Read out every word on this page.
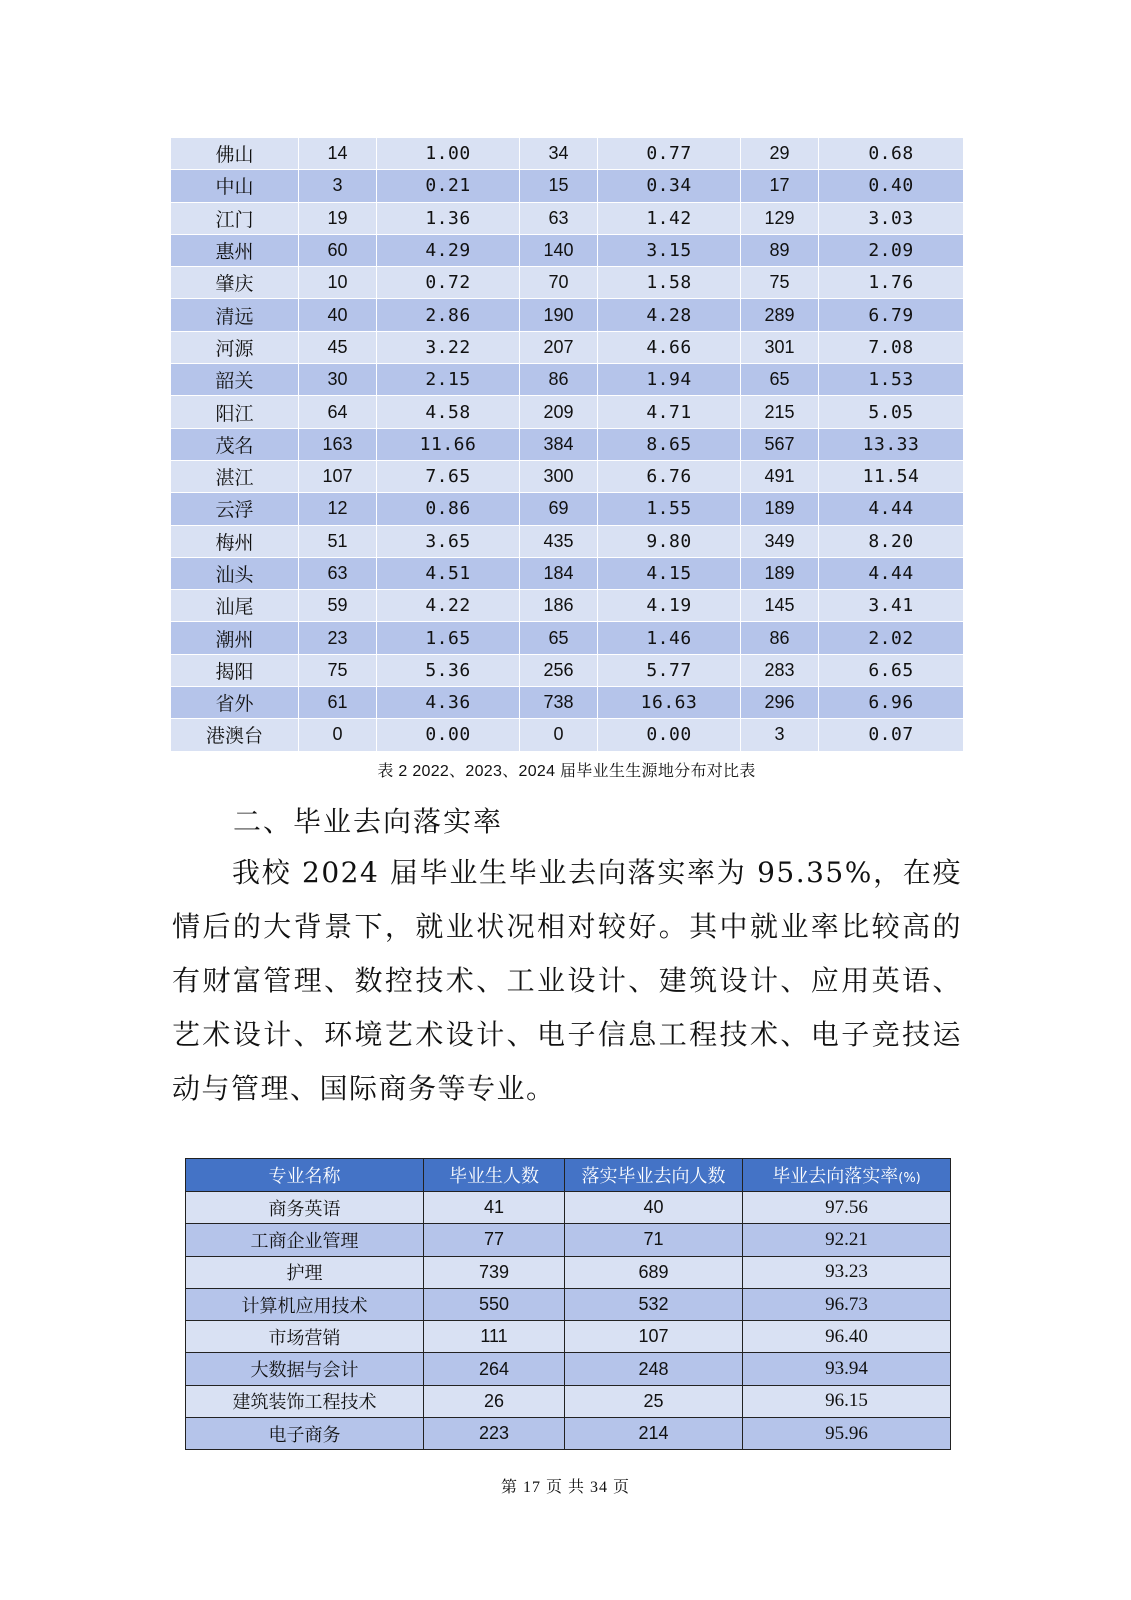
佛山	14	1.00	34	0.77	29	0.68
中山	3	0.21	15	0.34	17	0.40
江门	19	1.36	63	1.42	129	3.03
惠州	60	4.29	140	3.15	89	2.09
肇庆	10	0.72	70	1.58	75	1.76
清远	40	2.86	190	4.28	289	6.79
河源	45	3.22	207	4.66	301	7.08
韶关	30	2.15	86	1.94	65	1.53
阳江	64	4.58	209	4.71	215	5.05
茂名	163	11.66	384	8.65	567	13.33
湛江	107	7.65	300	6.76	491	11.54
云浮	12	0.86	69	1.55	189	4.44
梅州	51	3.65	435	9.80	349	8.20
汕头	63	4.51	184	4.15	189	4.44
汕尾	59	4.22	186	4.19	145	3.41
潮州	23	1.65	65	1.46	86	2.02
揭阳	75	5.36	256	5.77	283	6.65
省外	61	4.36	738	16.63	296	6.96
港澳台	0	0.00	0	0.00	3	0.07
表 2 2022、2023、2024 届毕业生生源地分布对比表
二、毕业去向落实率

我校 2024 届毕业生毕业去向落实率为 95.35%，在疫情后的大背景下，就业状况相对较好。其中就业率比较高的有财富管理、数控技术、工业设计、建筑设计、应用英语、艺术设计、环境艺术设计、电子信息工程技术、电子竞技运动与管理、国际商务等专业。

专业名称	毕业生人数	落实毕业去向人数	毕业去向落实率(%)
商务英语	41	40	97.56
工商企业管理	77	71	92.21
护理	739	689	93.23
计算机应用技术	550	532	96.73
市场营销	111	107	96.40
大数据与会计	264	248	93.94
建筑装饰工程技术	26	25	96.15
电子商务	223	214	95.96
第 17 页 共 34 页
